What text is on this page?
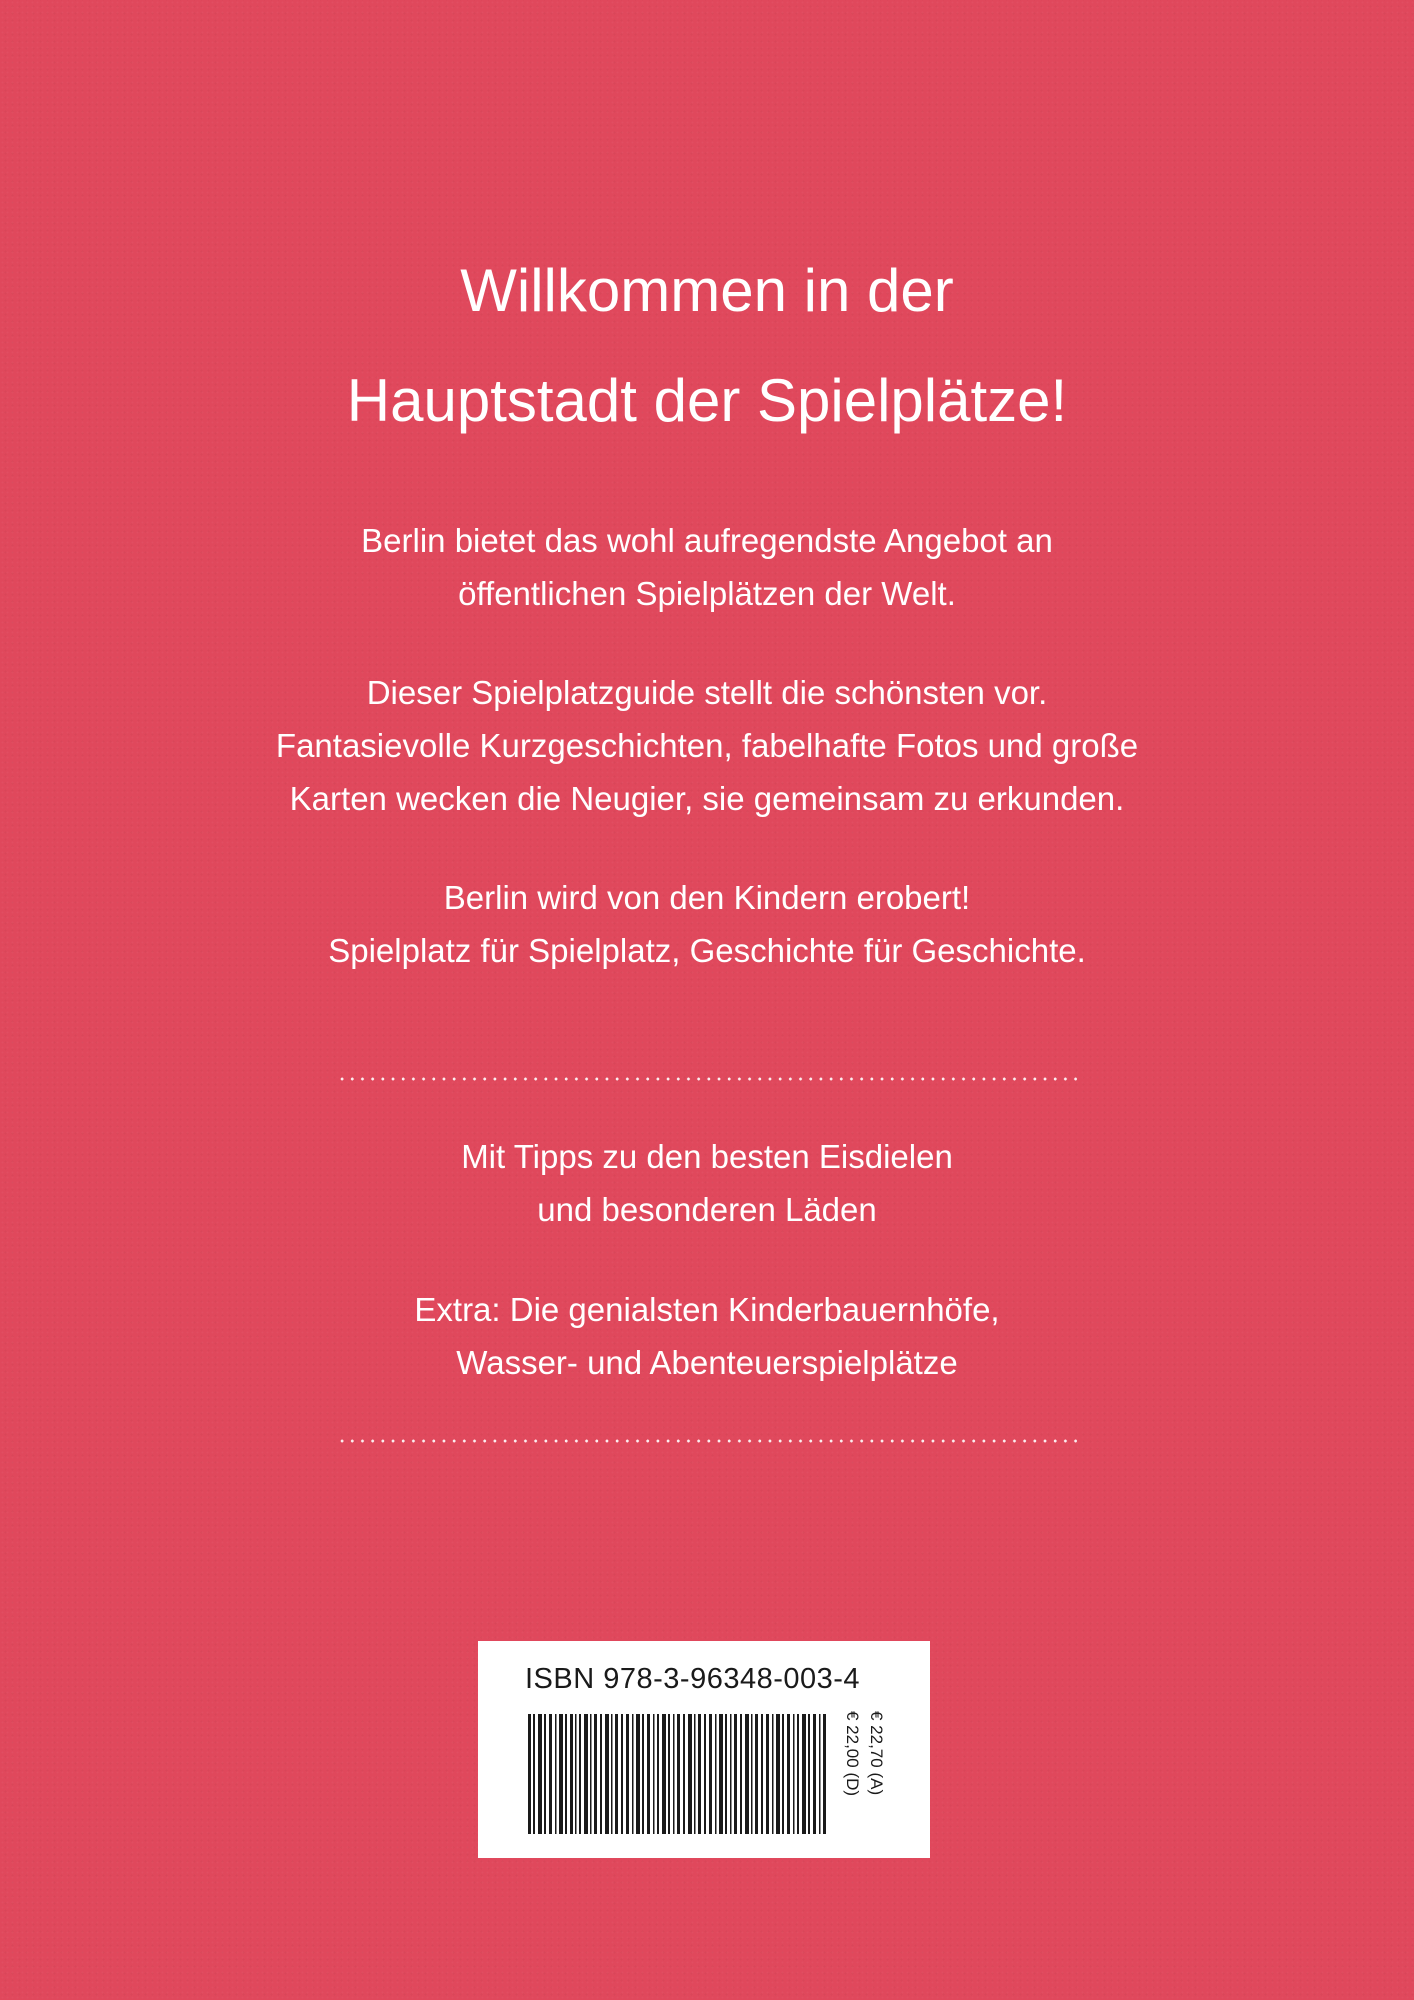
Willkommen in der
Hauptstadt der Spielplätze!

Berlin bietet das wohl aufregendste Angebot an
öffentlichen Spielplätzen der Welt.

Dieser Spielplatzguide stellt die schönsten vor.
Fantasievolle Kurzgeschichten, fabelhafte Fotos und große
Karten wecken die Neugier, sie gemeinsam zu erkunden.

Berlin wird von den Kindern erobert!
Spielplatz für Spielplatz, Geschichte für Geschichte.

Mit Tipps zu den besten Eisdielen
und besonderen Läden

Extra: Die genialsten Kinderbauernhöfe,
Wasser- und Abenteuerspielplätze

ISBN 978-3-96348-003-4
€ 22,00 (D) € 22,70 (A)
